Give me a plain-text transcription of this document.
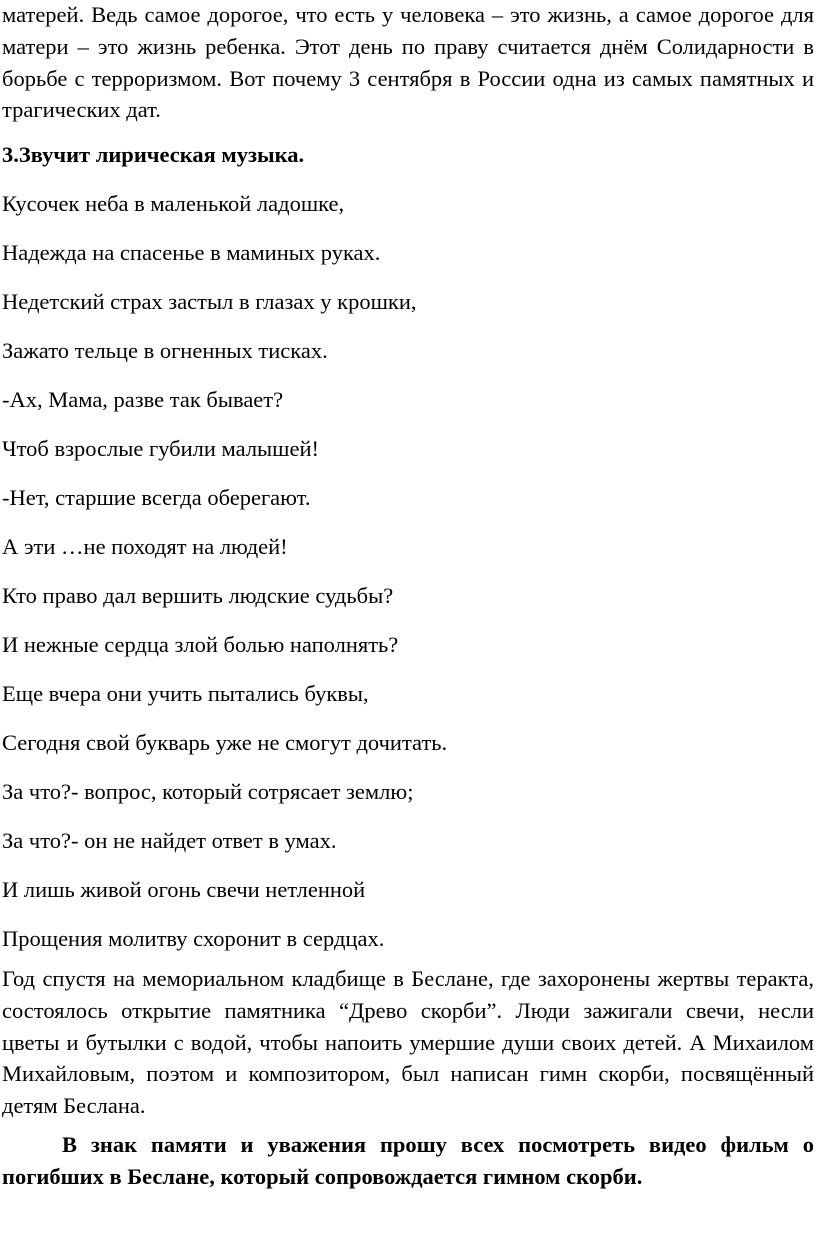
матерей. Ведь самое дорогое, что есть у человека – это жизнь, а самое дорогое для матери – это жизнь ребенка. Этот день по праву считается днём Солидарности в борьбе с терроризмом. Вот почему 3 сентября в России одна из самых памятных и трагических дат.

3.Звучит лирическая музыка.

Кусочек неба в маленькой ладошке,

Надежда на спасенье в маминых руках.

Недетский страх застыл в глазах у крошки,

Зажато тельце в огненных тисках.

-Ах, Мама, разве так бывает?

Чтоб взрослые губили малышей!

-Нет, старшие всегда оберегают.

А эти …не походят на людей!

Кто право дал вершить людские судьбы?

И нежные сердца злой болью наполнять?

Еще вчера они учить пытались буквы,

Сегодня свой букварь уже не смогут дочитать.

За что?- вопрос, который сотрясает землю;

За что?- он не найдет ответ в умах.

И лишь живой огонь свечи нетленной

Прощения молитву схоронит в сердцах.

Год спустя на мемориальном кладбище в Беслане, где захоронены жертвы теракта, состоялось открытие памятника “Древо скорби”. Люди зажигали свечи, несли цветы и бутылки с водой, чтобы напоить умершие души своих детей. А Михаилом Михайловым, поэтом и композитором, был написан гимн скорби, посвящённый детям Беслана.

В знак памяти и уважения прошу всех посмотреть видео фильм о погибших в Беслане, который сопровождается гимном скорби.
